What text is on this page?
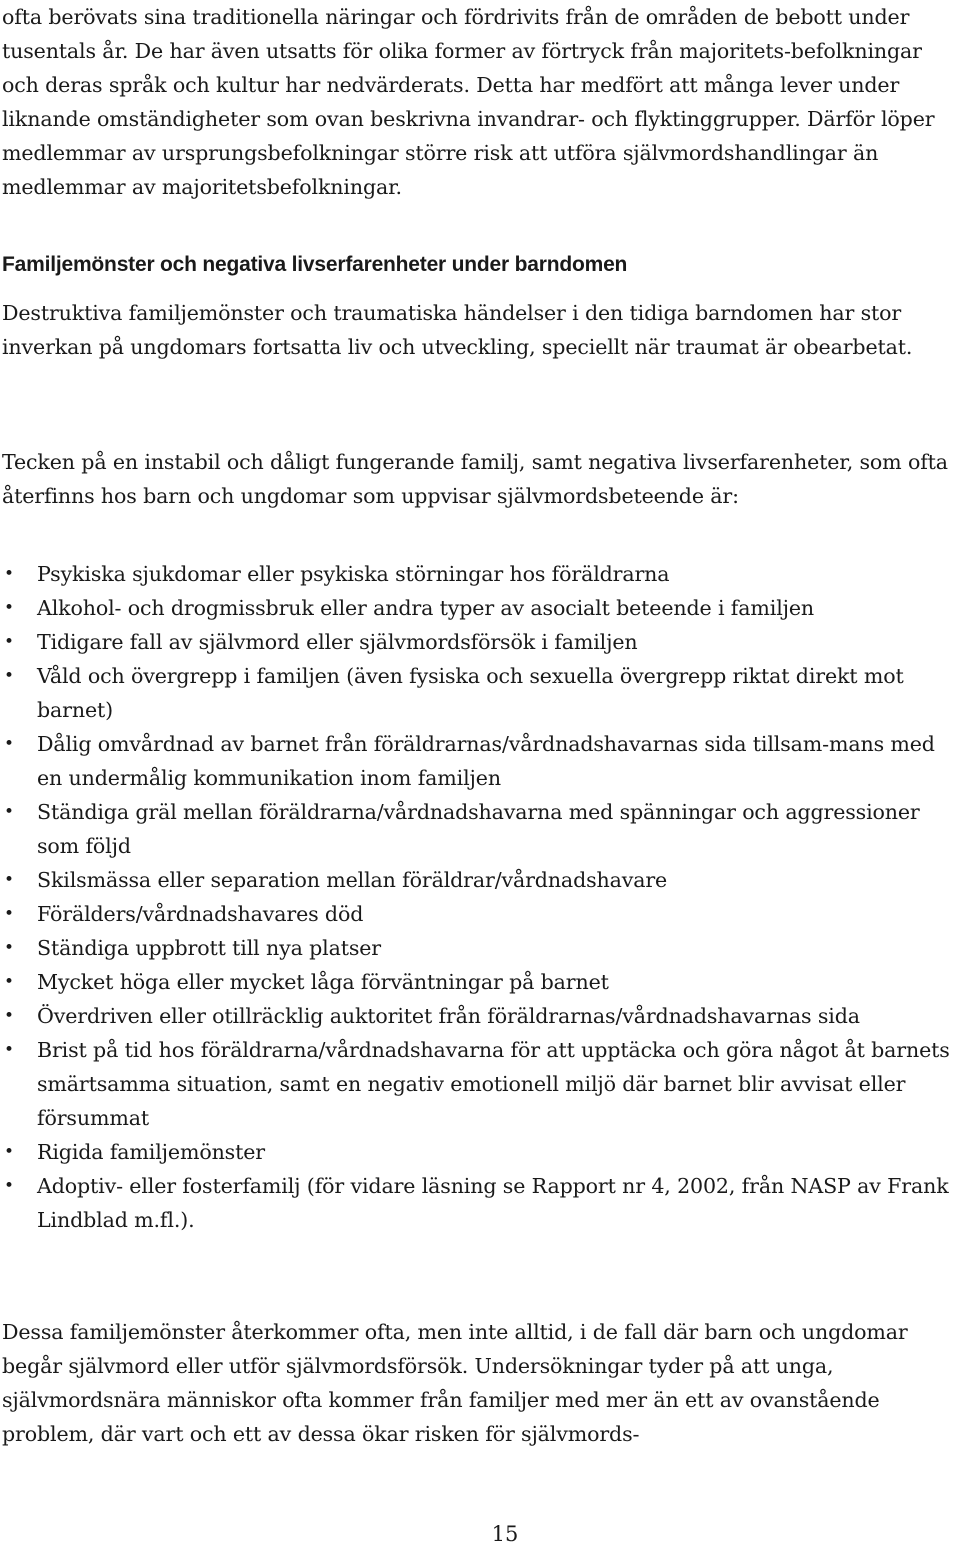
ofta berövats sina traditionella näringar och fördrivits från de områden de bebott under tusentals år. De har även utsatts för olika former av förtryck från majoritets-befolkningar och deras språk och kultur har nedvärderats. Detta har medfört att många lever under liknande omständigheter som ovan beskrivna invandrar- och flyktinggrupper. Därför löper medlemmar av ursprungsbefolkningar större risk att utföra självmordshandlingar än medlemmar av majoritetsbefolkningar.

Familjemönster och negativa livserfarenheter under barndomen

Destruktiva familjemönster och traumatiska händelser i den tidiga barndomen har stor inverkan på ungdomars fortsatta liv och utveckling, speciellt när traumat är obearbetat.

Tecken på en instabil och dåligt fungerande familj, samt negativa livserfarenheter, som ofta återfinns hos barn och ungdomar som uppvisar självmordsbeteende är:

• Psykiska sjukdomar eller psykiska störningar hos föräldrarna
• Alkohol- och drogmissbruk eller andra typer av asocialt beteende i familjen
• Tidigare fall av självmord eller självmordsförsök i familjen
• Våld och övergrepp i familjen (även fysiska och sexuella övergrepp riktat direkt mot barnet)
• Dålig omvårdnad av barnet från föräldrarnas/vårdnadshavarnas sida tillsam-mans med en undermålig kommunikation inom familjen
• Ständiga gräl mellan föräldrarna/vårdnadshavarna med spänningar och aggressioner som följd
• Skilsmässa eller separation mellan föräldrar/vårdnadshavare
• Förälders/vårdnadshavares död
• Ständiga uppbrott till nya platser
• Mycket höga eller mycket låga förväntningar på barnet
• Överdriven eller otillräcklig auktoritet från föräldrarnas/vårdnadshavarnas sida
• Brist på tid hos föräldrarna/vårdnadshavarna för att upptäcka och göra något åt barnets smärtsamma situation, samt en negativ emotionell miljö där barnet blir avvisat eller försummat
• Rigida familjemönster
• Adoptiv- eller fosterfamilj (för vidare läsning se Rapport nr 4, 2002, från NASP av Frank Lindblad m.fl.).

Dessa familjemönster återkommer ofta, men inte alltid, i de fall där barn och ungdomar begår självmord eller utför självmordsförsök. Undersökningar tyder på att unga, självmordsnära människor ofta kommer från familjer med mer än ett av ovanstående problem, där vart och ett av dessa ökar risken för självmords-

15
